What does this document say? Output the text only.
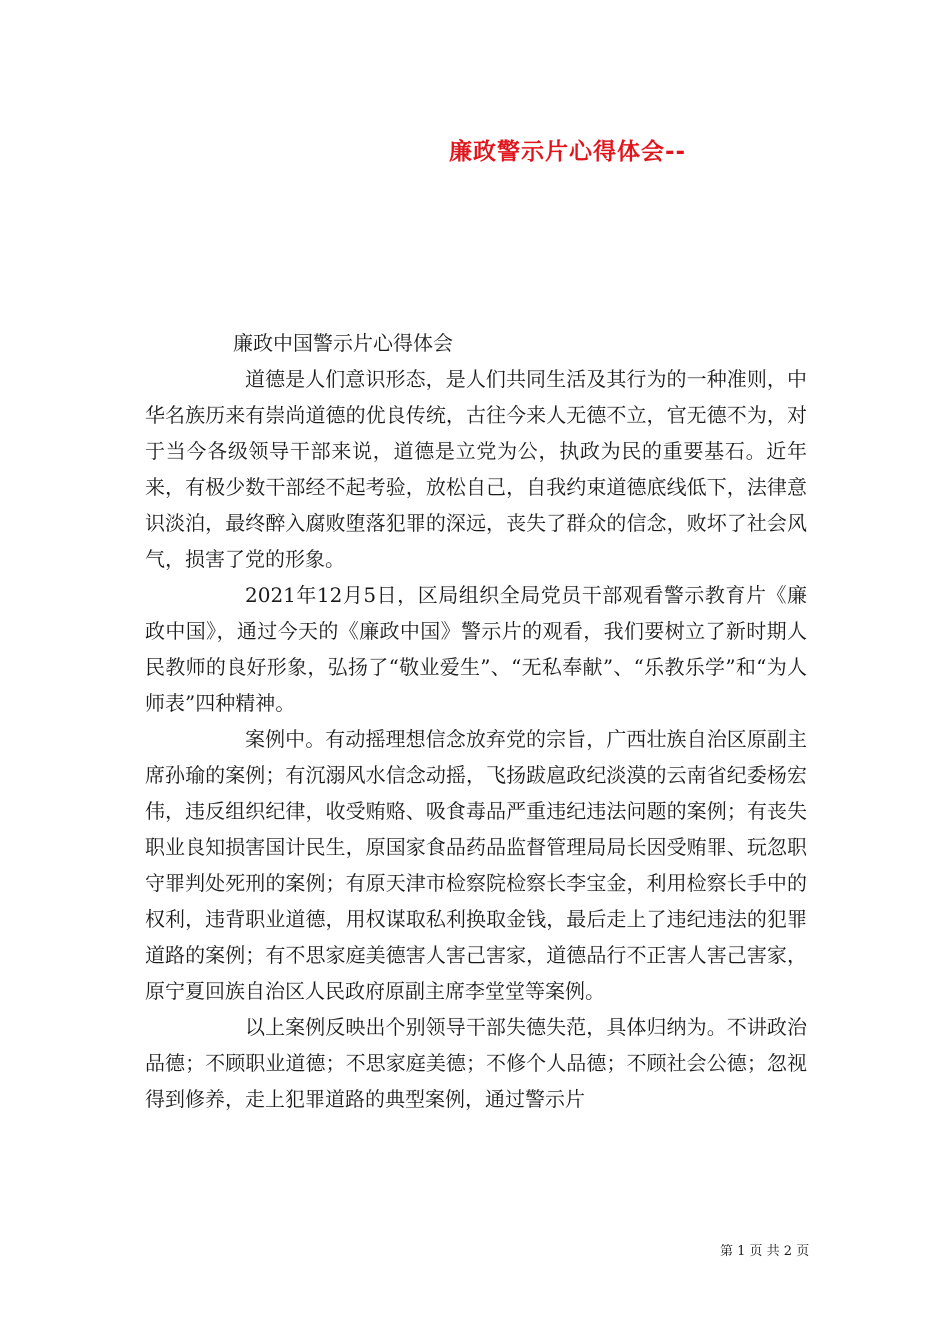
廉政警示片心得体会--
廉政中国警示片心得体会

道德是人们意识形态，是人们共同生活及其行为的一种准则，中华名族历来有崇尚道德的优良传统，古往今来人无德不立，官无德不为，对于当今各级领导干部来说，道德是立党为公，执政为民的重要基石。近年来，有极少数干部经不起考验，放松自己，自我约束道德底线低下，法律意识淡泊，最终醉入腐败堕落犯罪的深远，丧失了群众的信念，败坏了社会风气，损害了党的形象。

2021年12月5日，区局组织全局党员干部观看警示教育片《廉政中国》，通过今天的《廉政中国》警示片的观看，我们要树立了新时期人民教师的良好形象，弘扬了“敬业爱生”、“无私奉献”、“乐教乐学”和“为人师表”四种精神。

案例中。有动摇理想信念放弃党的宗旨，广西壮族自治区原副主席孙瑜的案例；有沉溺风水信念动摇，飞扬跋扈政纪淡漠的云南省纪委杨宏伟，违反组织纪律，收受贿赂、吸食毒品严重违纪违法问题的案例；有丧失职业良知损害国计民生，原国家食品药品监督管理局局长因受贿罪、玩忽职守罪判处死刑的案例；有原天津市检察院检察长李宝金，利用检察长手中的权利，违背职业道德，用权谋取私利换取金钱，最后走上了违纪违法的犯罪道路的案例；有不思家庭美德害人害己害家，道德品行不正害人害己害家，原宁夏回族自治区人民政府原副主席李堂堂等案例。

以上案例反映出个别领导干部失德失范，具体归纳为。不讲政治品德；不顾职业道德；不思家庭美德；不修个人品德；不顾社会公德；忽视得到修养，走上犯罪道路的典型案例，通过警示片

第 1 页 共 2 页
